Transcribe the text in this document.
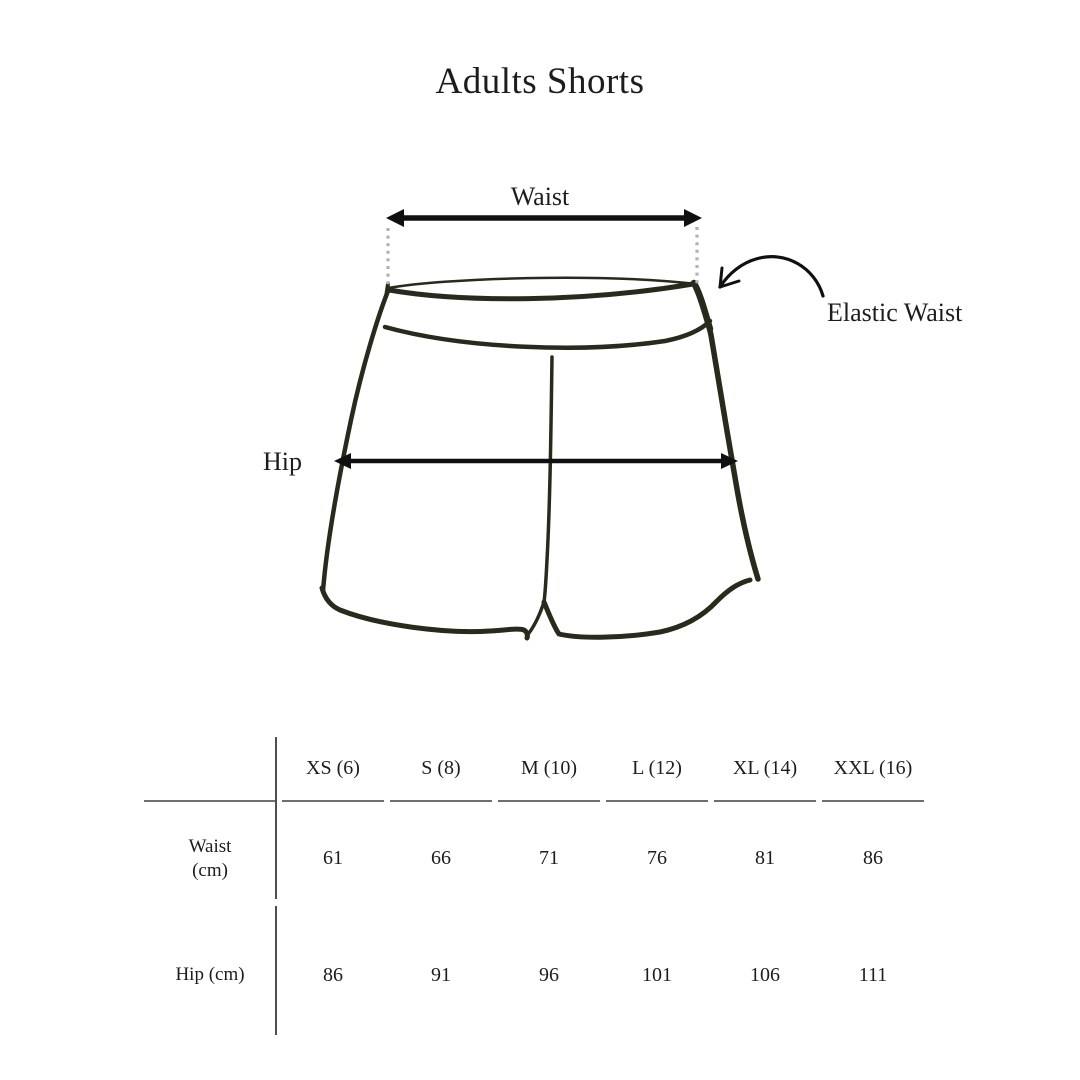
Adults Shorts
Waist
Hip
Elastic Waist
	XS (6)	S (8)	M (10)	L (12)	XL (14)	XXL (16)

Waist
(cm)	61	66	71	76	81	86

Hip (cm)	86	91	96	101	106	111
